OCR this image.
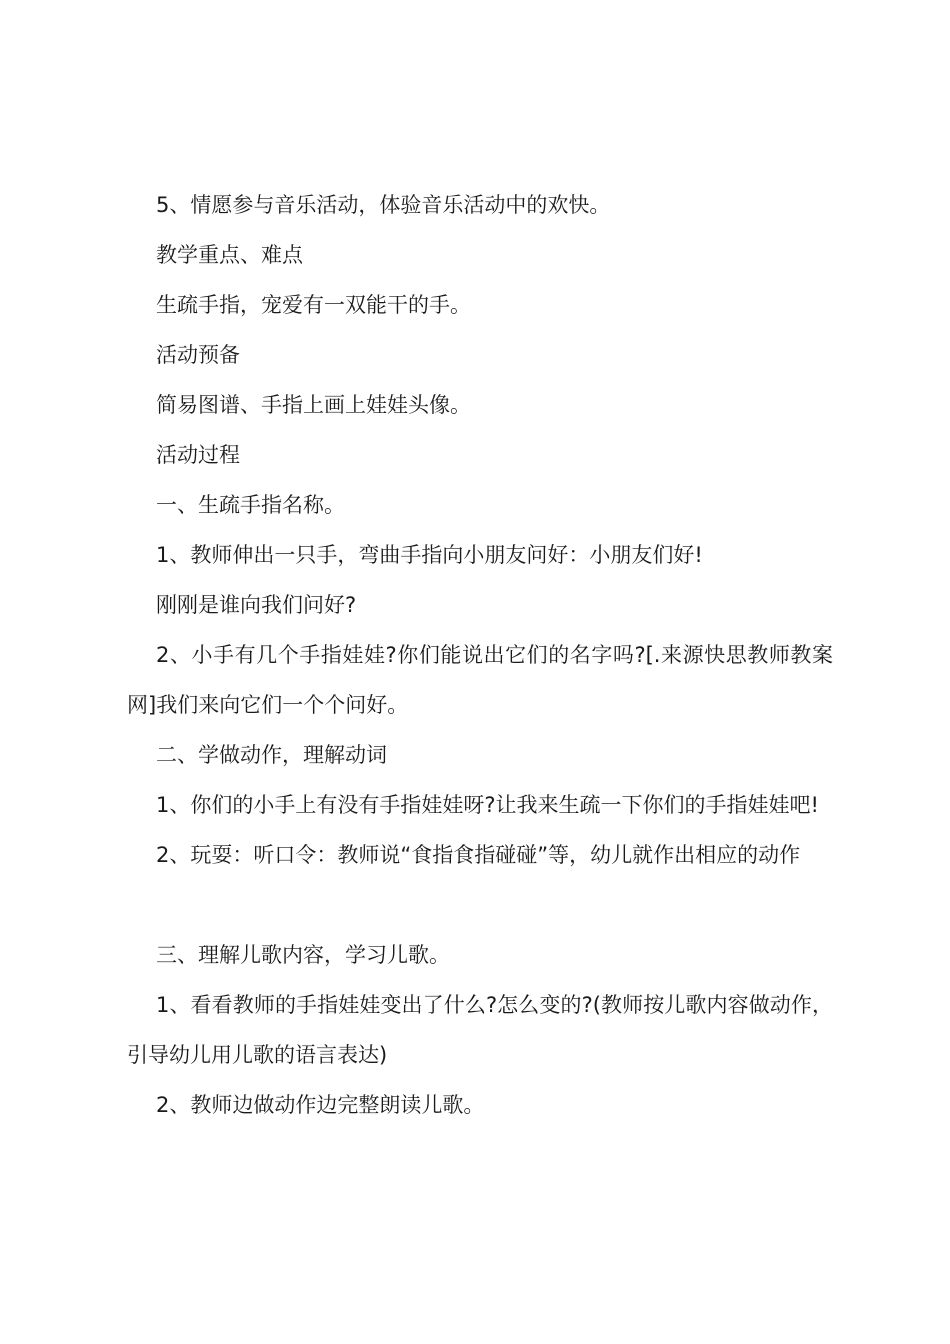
5、情愿参与音乐活动，体验音乐活动中的欢快。

教学重点、难点

生疏手指，宠爱有一双能干的手。

活动预备

简易图谱、手指上画上娃娃头像。

活动过程

一、生疏手指名称。

1、教师伸出一只手，弯曲手指向小朋友问好：小朋友们好!

刚刚是谁向我们问好?

2、小手有几个手指娃娃?你们能说出它们的名字吗?[.来源快思教师教案网]我们来向它们一个个问好。

二、学做动作，理解动词

1、你们的小手上有没有手指娃娃呀?让我来生疏一下你们的手指娃娃吧!

2、玩耍：听口令：教师说“食指食指碰碰”等，幼儿就作出相应的动作

三、理解儿歌内容，学习儿歌。

1、看看教师的手指娃娃变出了什么?怎么变的?(教师按儿歌内容做动作，引导幼儿用儿歌的语言表达)

2、教师边做动作边完整朗读儿歌。
